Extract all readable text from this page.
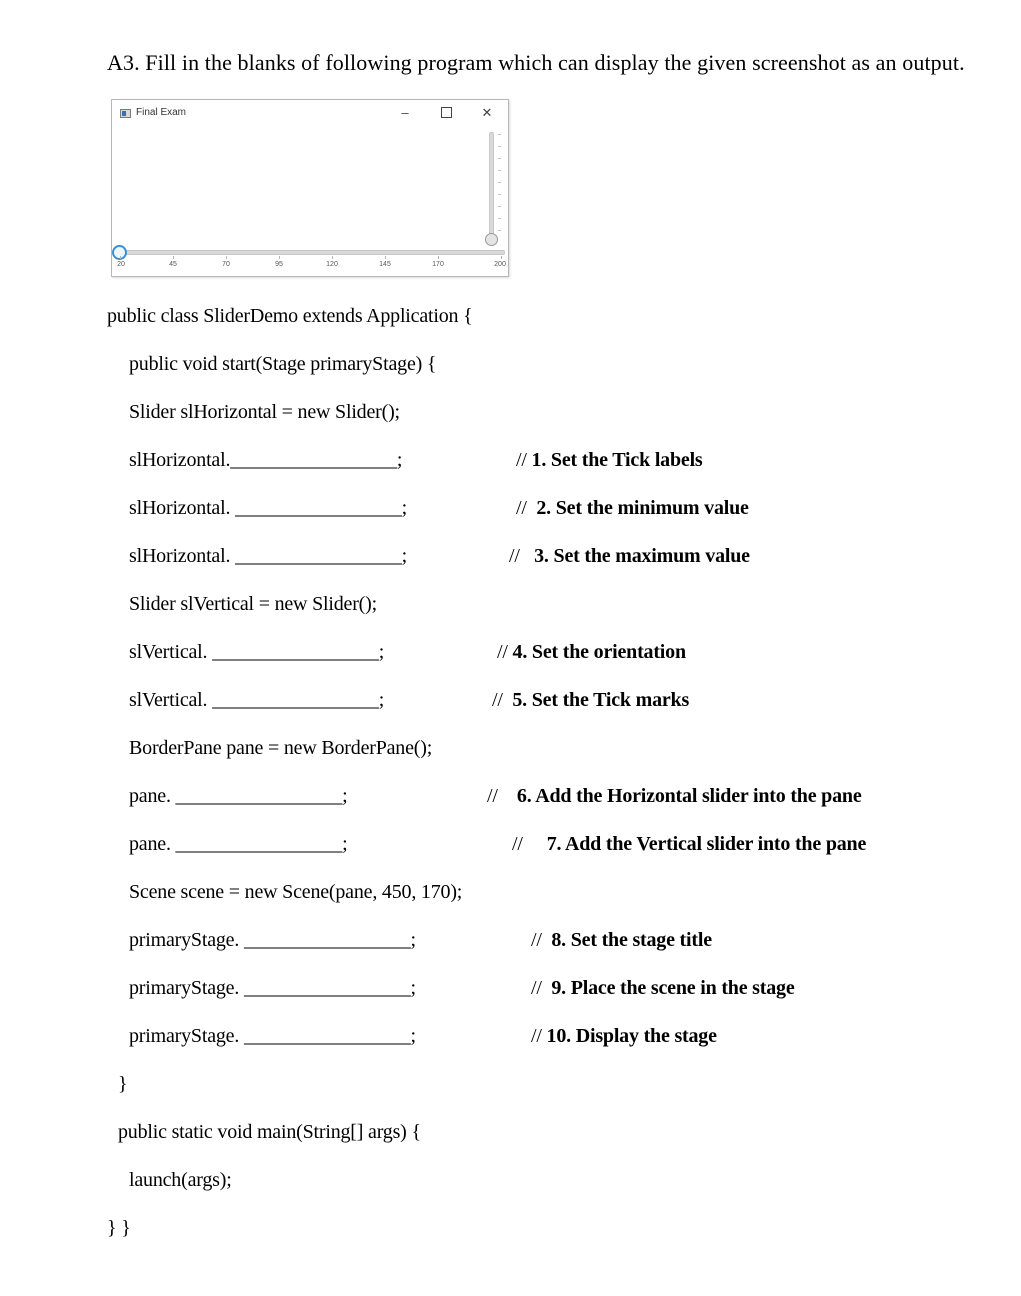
A3. Fill in the blanks of following program which can display the given screenshot as an output.
Final Exam	–	✕
20	45	70	95	120	145	170	200
public class SliderDemo extends Application {
public void start(Stage primaryStage) {
Slider slHorizontal = new Slider();
slHorizontal._________________;	// 1. Set the Tick labels
slHorizontal. _________________;	//  2. Set the minimum value
slHorizontal. _________________;	//   3. Set the maximum value
Slider slVertical = new Slider();
slVertical. _________________;	// 4. Set the orientation
slVertical. _________________;	//  5. Set the Tick marks
BorderPane pane = new BorderPane();
pane. _________________;	//    6. Add the Horizontal slider into the pane
pane. _________________;	//     7. Add the Vertical slider into the pane
Scene scene = new Scene(pane, 450, 170);
primaryStage. _________________;	//  8. Set the stage title
primaryStage. _________________;	//  9. Place the scene in the stage
primaryStage. _________________;	// 10. Display the stage
}
public static void main(String[] args) {
launch(args);
} }
